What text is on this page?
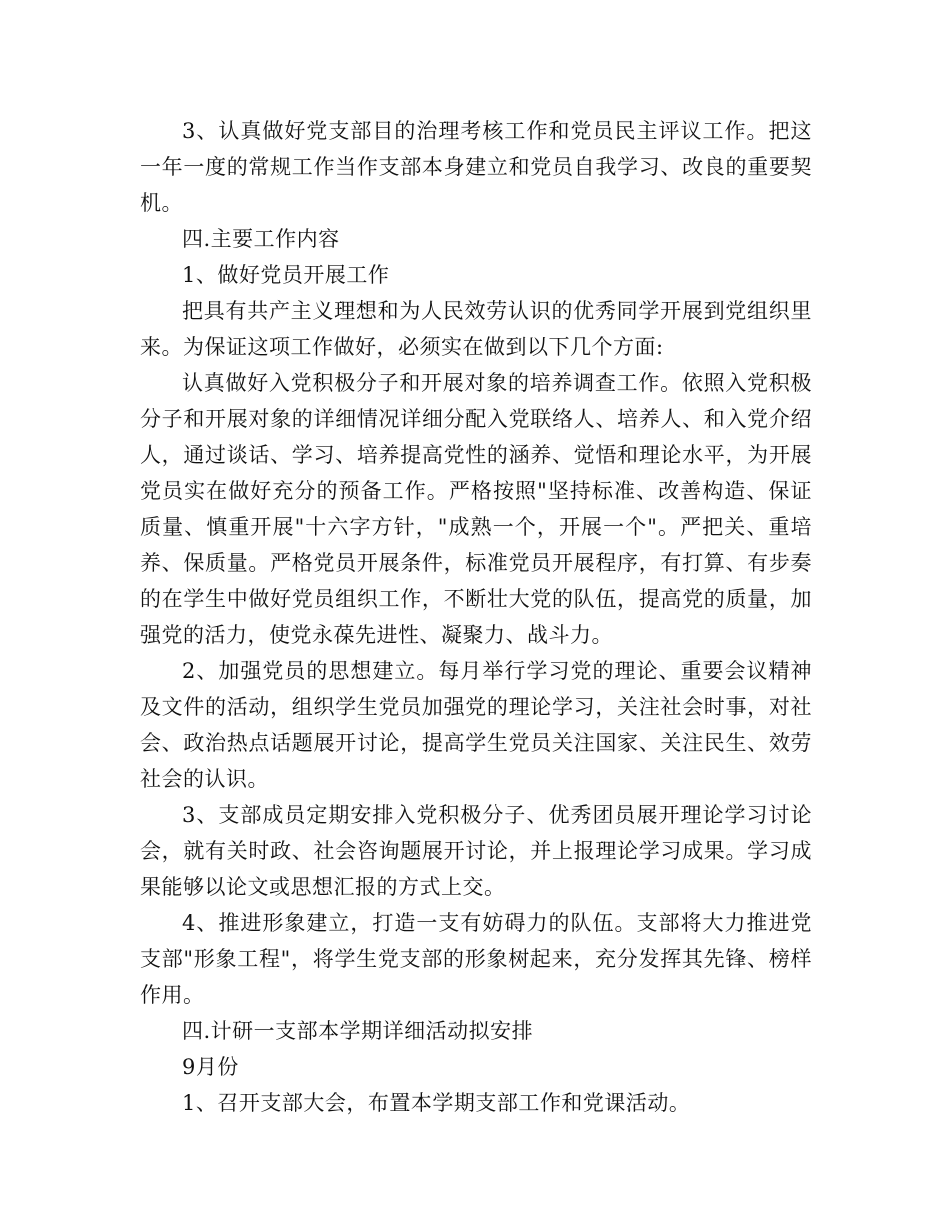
3、认真做好党支部目的治理考核工作和党员民主评议工作。把这一年一度的常规工作当作支部本身建立和党员自我学习、改良的重要契机。

四.主要工作内容

1、做好党员开展工作

把具有共产主义理想和为人民效劳认识的优秀同学开展到党组织里来。为保证这项工作做好，必须实在做到以下几个方面:

认真做好入党积极分子和开展对象的培养调查工作。依照入党积极分子和开展对象的详细情况详细分配入党联络人、培养人、和入党介绍人，通过谈话、学习、培养提高党性的涵养、觉悟和理论水平，为开展党员实在做好充分的预备工作。严格按照"坚持标准、改善构造、保证质量、慎重开展"十六字方针，"成熟一个，开展一个"。严把关、重培养、保质量。严格党员开展条件，标准党员开展程序，有打算、有步奏的在学生中做好党员组织工作，不断壮大党的队伍，提高党的质量，加强党的活力，使党永葆先进性、凝聚力、战斗力。

2、加强党员的思想建立。每月举行学习党的理论、重要会议精神及文件的活动，组织学生党员加强党的理论学习，关注社会时事，对社会、政治热点话题展开讨论，提高学生党员关注国家、关注民生、效劳社会的认识。

3、支部成员定期安排入党积极分子、优秀团员展开理论学习讨论会，就有关时政、社会咨询题展开讨论，并上报理论学习成果。学习成果能够以论文或思想汇报的方式上交。

4、推进形象建立，打造一支有妨碍力的队伍。支部将大力推进党支部"形象工程"，将学生党支部的形象树起来，充分发挥其先锋、榜样作用。

四.计研一支部本学期详细活动拟安排

9月份

1、召开支部大会，布置本学期支部工作和党课活动。
